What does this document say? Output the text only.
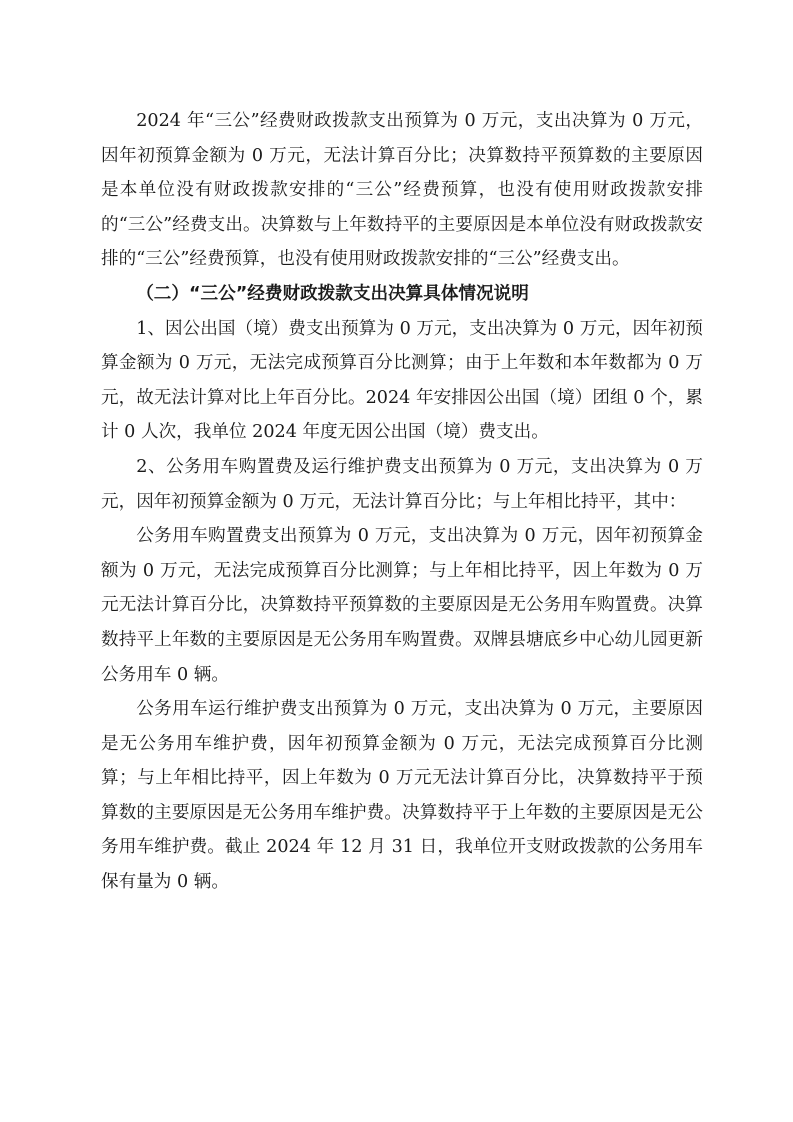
2024 年“三公”经费财政拨款支出预算为 0 万元，支出决算为 0 万元，因年初预算金额为 0 万元，无法计算百分比；决算数持平预算数的主要原因是本单位没有财政拨款安排的“三公”经费预算，也没有使用财政拨款安排的“三公”经费支出。决算数与上年数持平的主要原因是本单位没有财政拨款安排的“三公”经费预算，也没有使用财政拨款安排的“三公”经费支出。

（二）“三公”经费财政拨款支出决算具体情况说明

1、因公出国（境）费支出预算为 0 万元，支出决算为 0 万元，因年初预算金额为 0 万元，无法完成预算百分比测算；由于上年数和本年数都为 0 万元，故无法计算对比上年百分比。2024 年安排因公出国（境）团组 0 个，累计 0 人次，我单位 2024 年度无因公出国（境）费支出。

2、公务用车购置费及运行维护费支出预算为 0 万元，支出决算为 0 万元，因年初预算金额为 0 万元，无法计算百分比；与上年相比持平，其中：

公务用车购置费支出预算为 0 万元，支出决算为 0 万元，因年初预算金额为 0 万元，无法完成预算百分比测算；与上年相比持平，因上年数为 0 万元无法计算百分比，决算数持平预算数的主要原因是无公务用车购置费。决算数持平上年数的主要原因是无公务用车购置费。双牌县塘底乡中心幼儿园更新公务用车 0 辆。

公务用车运行维护费支出预算为 0 万元，支出决算为 0 万元，主要原因是无公务用车维护费，因年初预算金额为 0 万元，无法完成预算百分比测算；与上年相比持平，因上年数为 0 万元无法计算百分比，决算数持平于预算数的主要原因是无公务用车维护费。决算数持平于上年数的主要原因是无公务用车维护费。截止 2024 年 12 月 31 日，我单位开支财政拨款的公务用车保有量为 0 辆。
